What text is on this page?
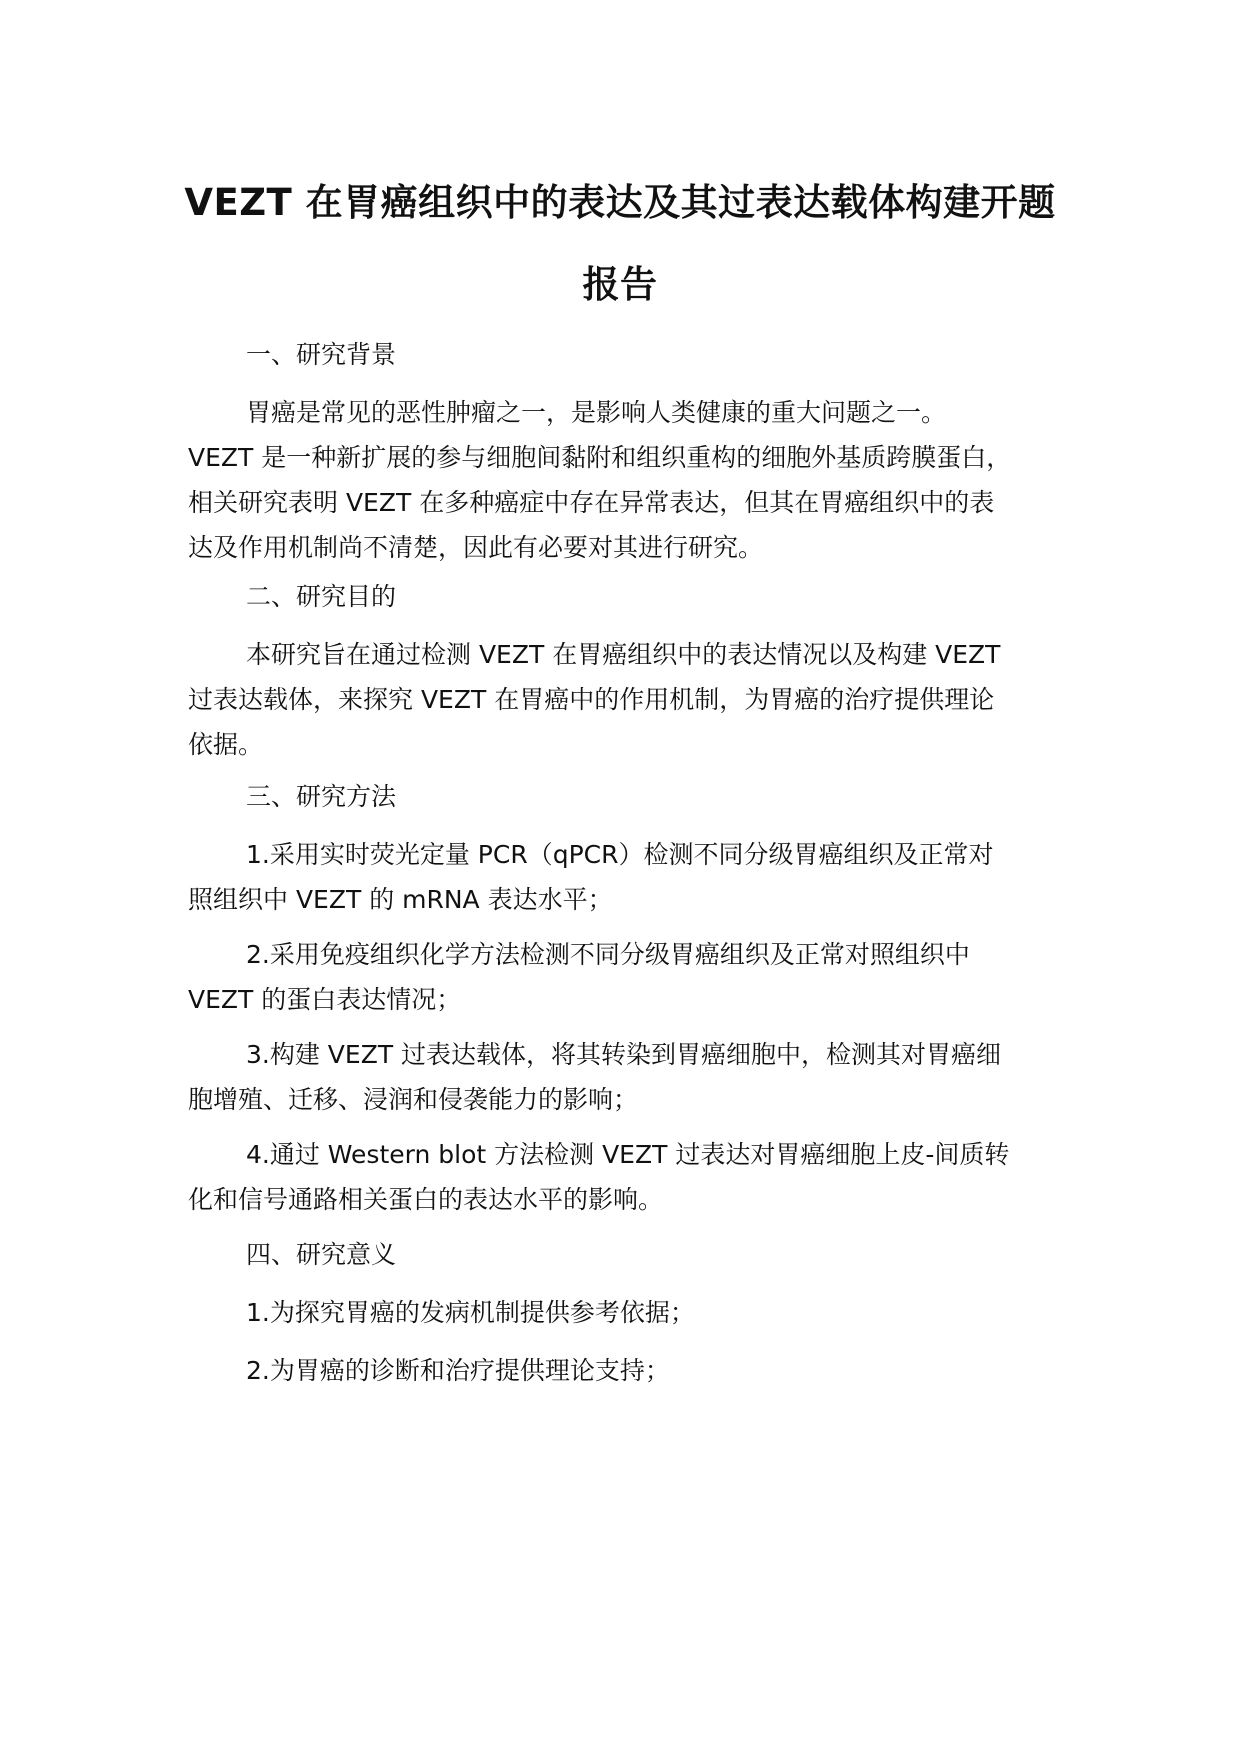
VEZT 在胃癌组织中的表达及其过表达载体构建开题
报告
一、研究背景
胃癌是常见的恶性肿瘤之一，是影响人类健康的重大问题之一。
VEZT 是一种新扩展的参与细胞间黏附和组织重构的细胞外基质跨膜蛋白，
相关研究表明 VEZT 在多种癌症中存在异常表达，但其在胃癌组织中的表
达及作用机制尚不清楚，因此有必要对其进行研究。
二、研究目的
本研究旨在通过检测 VEZT 在胃癌组织中的表达情况以及构建 VEZT
过表达载体，来探究 VEZT 在胃癌中的作用机制，为胃癌的治疗提供理论
依据。
三、研究方法
1.采用实时荧光定量 PCR（qPCR）检测不同分级胃癌组织及正常对
照组织中 VEZT 的 mRNA 表达水平；
2.采用免疫组织化学方法检测不同分级胃癌组织及正常对照组织中
VEZT 的蛋白表达情况；
3.构建 VEZT 过表达载体，将其转染到胃癌细胞中，检测其对胃癌细
胞增殖、迁移、浸润和侵袭能力的影响；
4.通过 Western blot 方法检测 VEZT 过表达对胃癌细胞上皮-间质转
化和信号通路相关蛋白的表达水平的影响。
四、研究意义
1.为探究胃癌的发病机制提供参考依据；
2.为胃癌的诊断和治疗提供理论支持；
